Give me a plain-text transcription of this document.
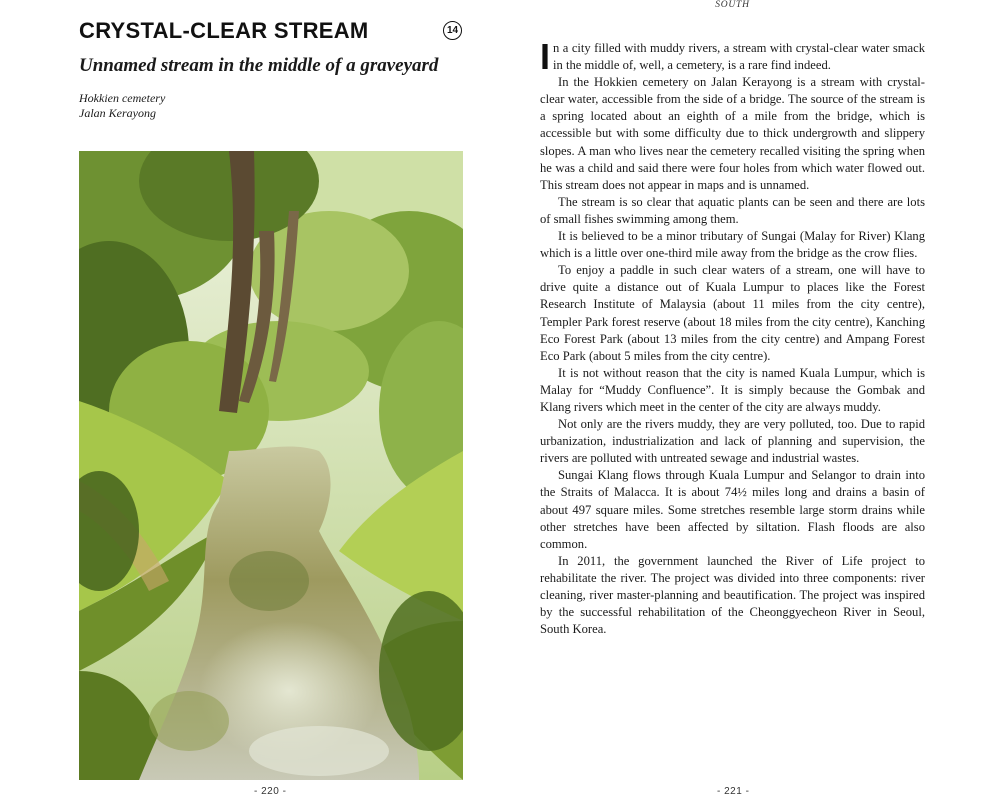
CRYSTAL-CLEAR STREAM	14
Unnamed stream in the middle of a graveyard
Hokkien cemetery
Jalan Kerayong
- 220 -
SOUTH

In a city filled with muddy rivers, a stream with crystal-clear water smack in the middle of, well, a cemetery, is a rare find indeed.

In the Hokkien cemetery on Jalan Kerayong is a stream with crystal-clear water, accessible from the side of a bridge. The source of the stream is a spring located about an eighth of a mile from the bridge, which is accessible but with some difficulty due to thick undergrowth and slippery slopes. A man who lives near the cemetery recalled visiting the spring when he was a child and said there were four holes from which water flowed out. This stream does not appear in maps and is unnamed.

The stream is so clear that aquatic plants can be seen and there are lots of small fishes swimming among them.

It is believed to be a minor tributary of Sungai (Malay for River) Klang which is a little over one-third mile away from the bridge as the crow flies.

To enjoy a paddle in such clear waters of a stream, one will have to drive quite a distance out of Kuala Lumpur to places like the Forest Research Institute of Malaysia (about 11 miles from the city centre), Templer Park forest reserve (about 18 miles from the city centre), Kanching Eco Forest Park (about 13 miles from the city centre) and Ampang Forest Eco Park (about 5 miles from the city centre).

It is not without reason that the city is named Kuala Lumpur, which is Malay for “Muddy Confluence”. It is simply because the Gombak and Klang rivers which meet in the center of the city are always muddy.

Not only are the rivers muddy, they are very polluted, too. Due to rapid urbanization, industrialization and lack of planning and supervision, the rivers are polluted with untreated sewage and industrial wastes.

Sungai Klang flows through Kuala Lumpur and Selangor to drain into the Straits of Malacca. It is about 74½ miles long and drains a basin of about 497 square miles. Some stretches resemble large storm drains while other stretches have been affected by siltation. Flash floods are also common.

In 2011, the government launched the River of Life project to rehabilitate the river. The project was divided into three components: river cleaning, river master-planning and beautification. The project was inspired by the successful rehabilitation of the Cheonggyecheon River in Seoul, South Korea.

- 221 -
